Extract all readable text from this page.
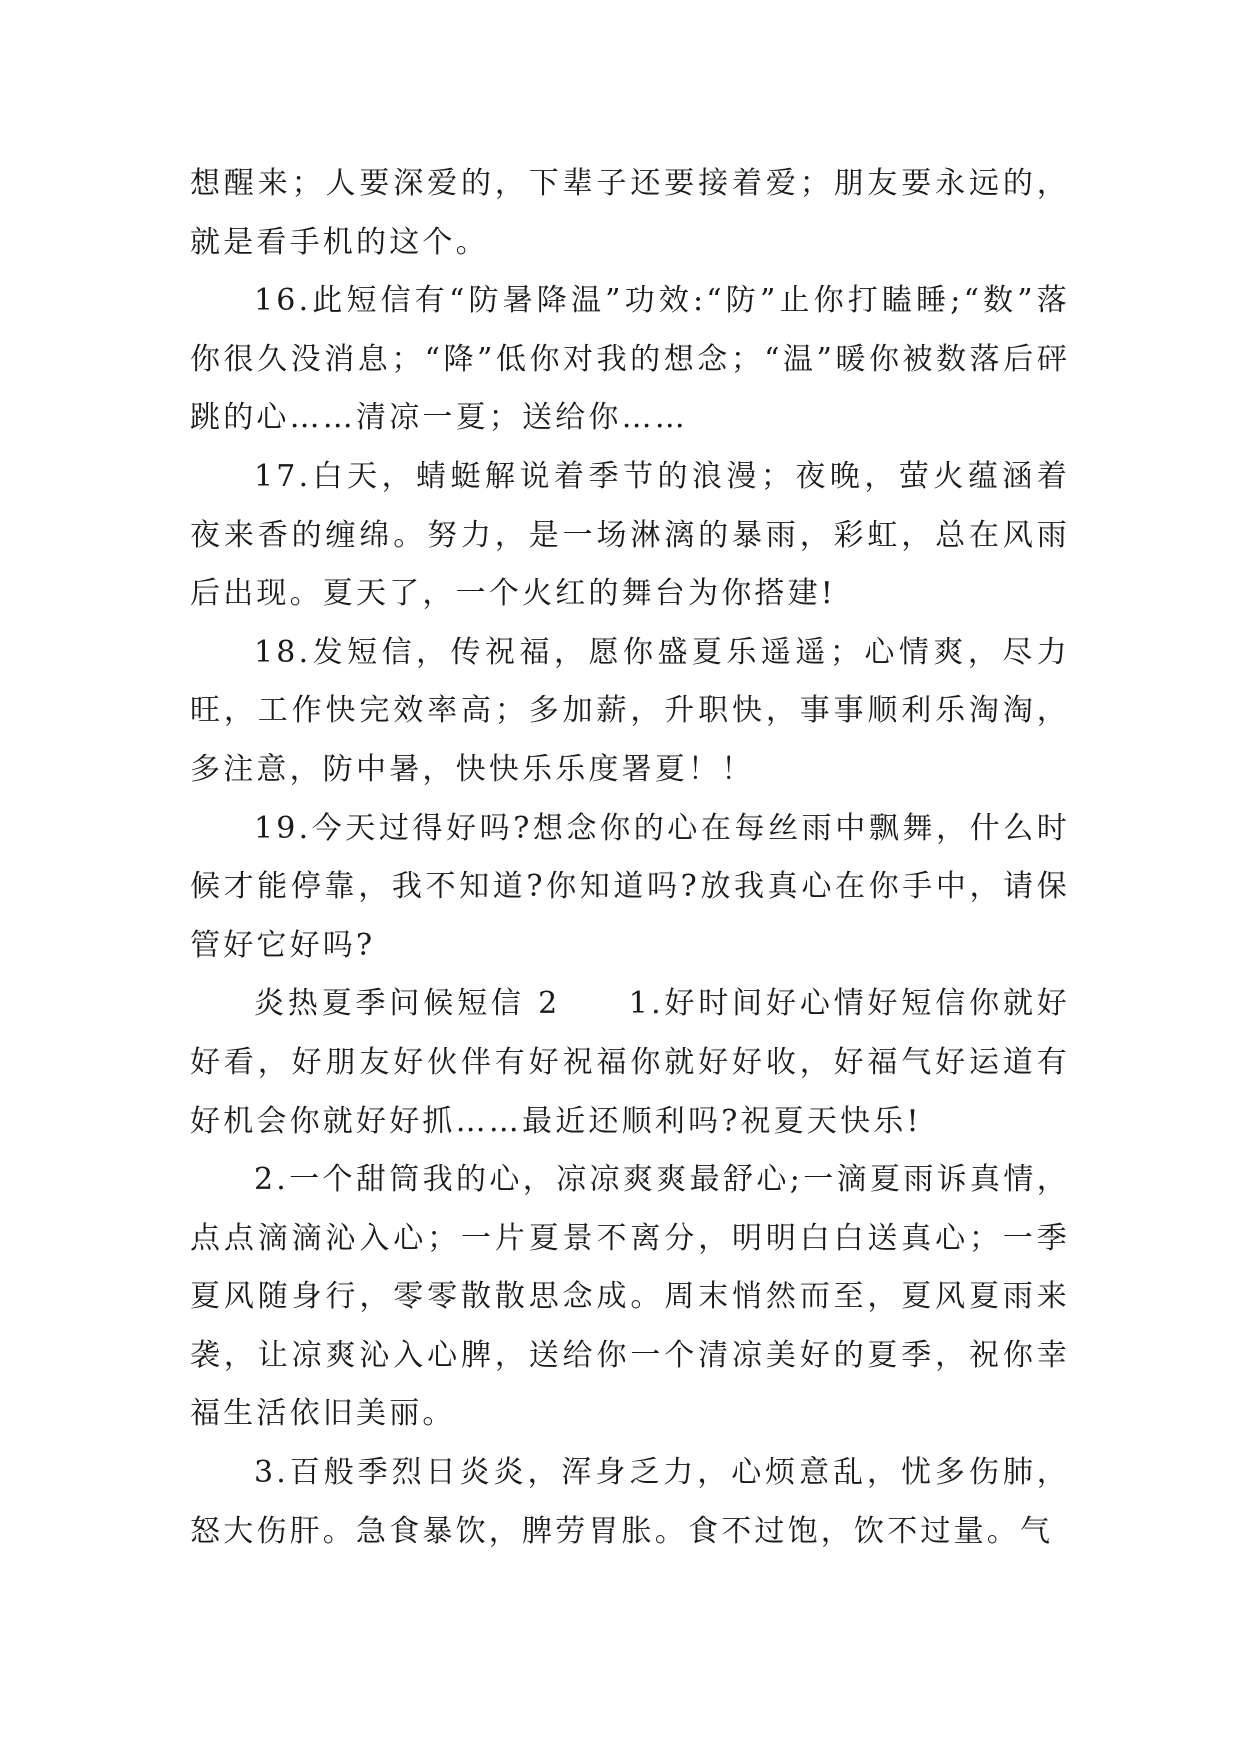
想醒来；人要深爱的，下辈子还要接着爱；朋友要永远的，就是看手机的这个。

16.此短信有“防暑降温”功效:“防”止你打瞌睡;“数”落你很久没消息；“降”低你对我的想念；“温”暖你被数落后砰跳的心……清凉一夏；送给你……

17.白天，蜻蜓解说着季节的浪漫；夜晚，萤火蕴涵着夜来香的缠绵。努力，是一场淋漓的暴雨，彩虹，总在风雨后出现。夏天了，一个火红的舞台为你搭建!

18.发短信，传祝福，愿你盛夏乐遥遥；心情爽，尽力旺，工作快完效率高；多加薪，升职快，事事顺利乐淘淘，多注意，防中暑，快快乐乐度署夏！！

19.今天过得好吗?想念你的心在每丝雨中飘舞，什么时候才能停靠，我不知道?你知道吗?放我真心在你手中，请保管好它好吗?

炎热夏季问候短信 2　　1.好时间好心情好短信你就好好看，好朋友好伙伴有好祝福你就好好收，好福气好运道有好机会你就好好抓……最近还顺利吗?祝夏天快乐!

2.一个甜筒我的心，凉凉爽爽最舒心;一滴夏雨诉真情，点点滴滴沁入心；一片夏景不离分，明明白白送真心；一季夏风随身行，零零散散思念成。周末悄然而至，夏风夏雨来袭，让凉爽沁入心脾，送给你一个清凉美好的夏季，祝你幸福生活依旧美丽。

3.百般季烈日炎炎，浑身乏力，心烦意乱，忧多伤肺，怒大伤肝。急食暴饮，脾劳胃胀。食不过饱，饮不过量。气
